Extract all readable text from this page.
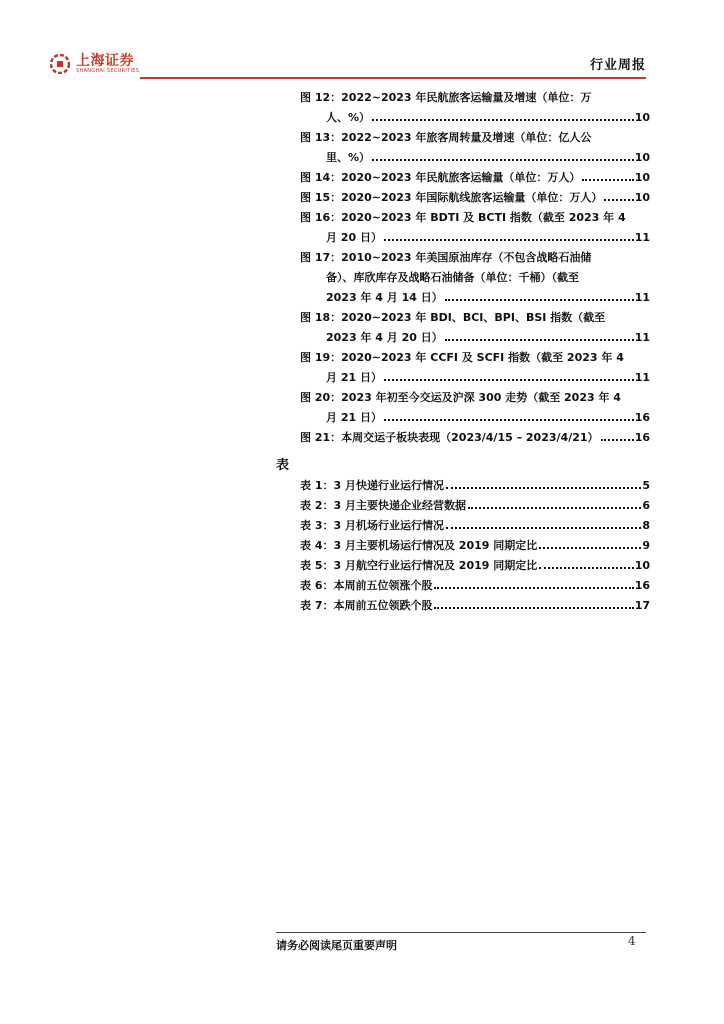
上海证券
SHANGHAI SECURITIES	行业周报
图 12：2022~2023 年民航旅客运输量及增速（单位：万
人、%）	10
图 13：2022~2023 年旅客周转量及增速（单位：亿人公
里、%）	10
图 14：2020~2023 年民航旅客运输量（单位：万人）	10
图 15：2020~2023 年国际航线旅客运输量（单位：万人）	10
图 16：2020~2023 年 BDTI 及 BCTI 指数（截至 2023 年 4
月 20 日）	11
图 17：2010~2023 年美国原油库存（不包含战略石油储
备）、库欣库存及战略石油储备（单位：千桶）（截至
2023 年 4 月 14 日）	11
图 18：2020~2023 年 BDI、BCI、BPI、BSI 指数（截至
2023 年 4 月 20 日）	11
图 19：2020~2023 年 CCFI 及 SCFI 指数（截至 2023 年 4
月 21 日）	11
图 20：2023 年初至今交运及沪深 300 走势（截至 2023 年 4
月 21 日）	16
图 21：本周交运子板块表现（2023/4/15 – 2023/4/21）	16
表
表 1：3 月快递行业运行情况	5
表 2：3 月主要快递企业经营数据	6
表 3：3 月机场行业运行情况	8
表 4：3 月主要机场运行情况及 2019 同期定比	9
表 5：3 月航空行业运行情况及 2019 同期定比	10
表 6：本周前五位领涨个股	16
表 7：本周前五位领跌个股	17
请务必阅读尾页重要声明	4
